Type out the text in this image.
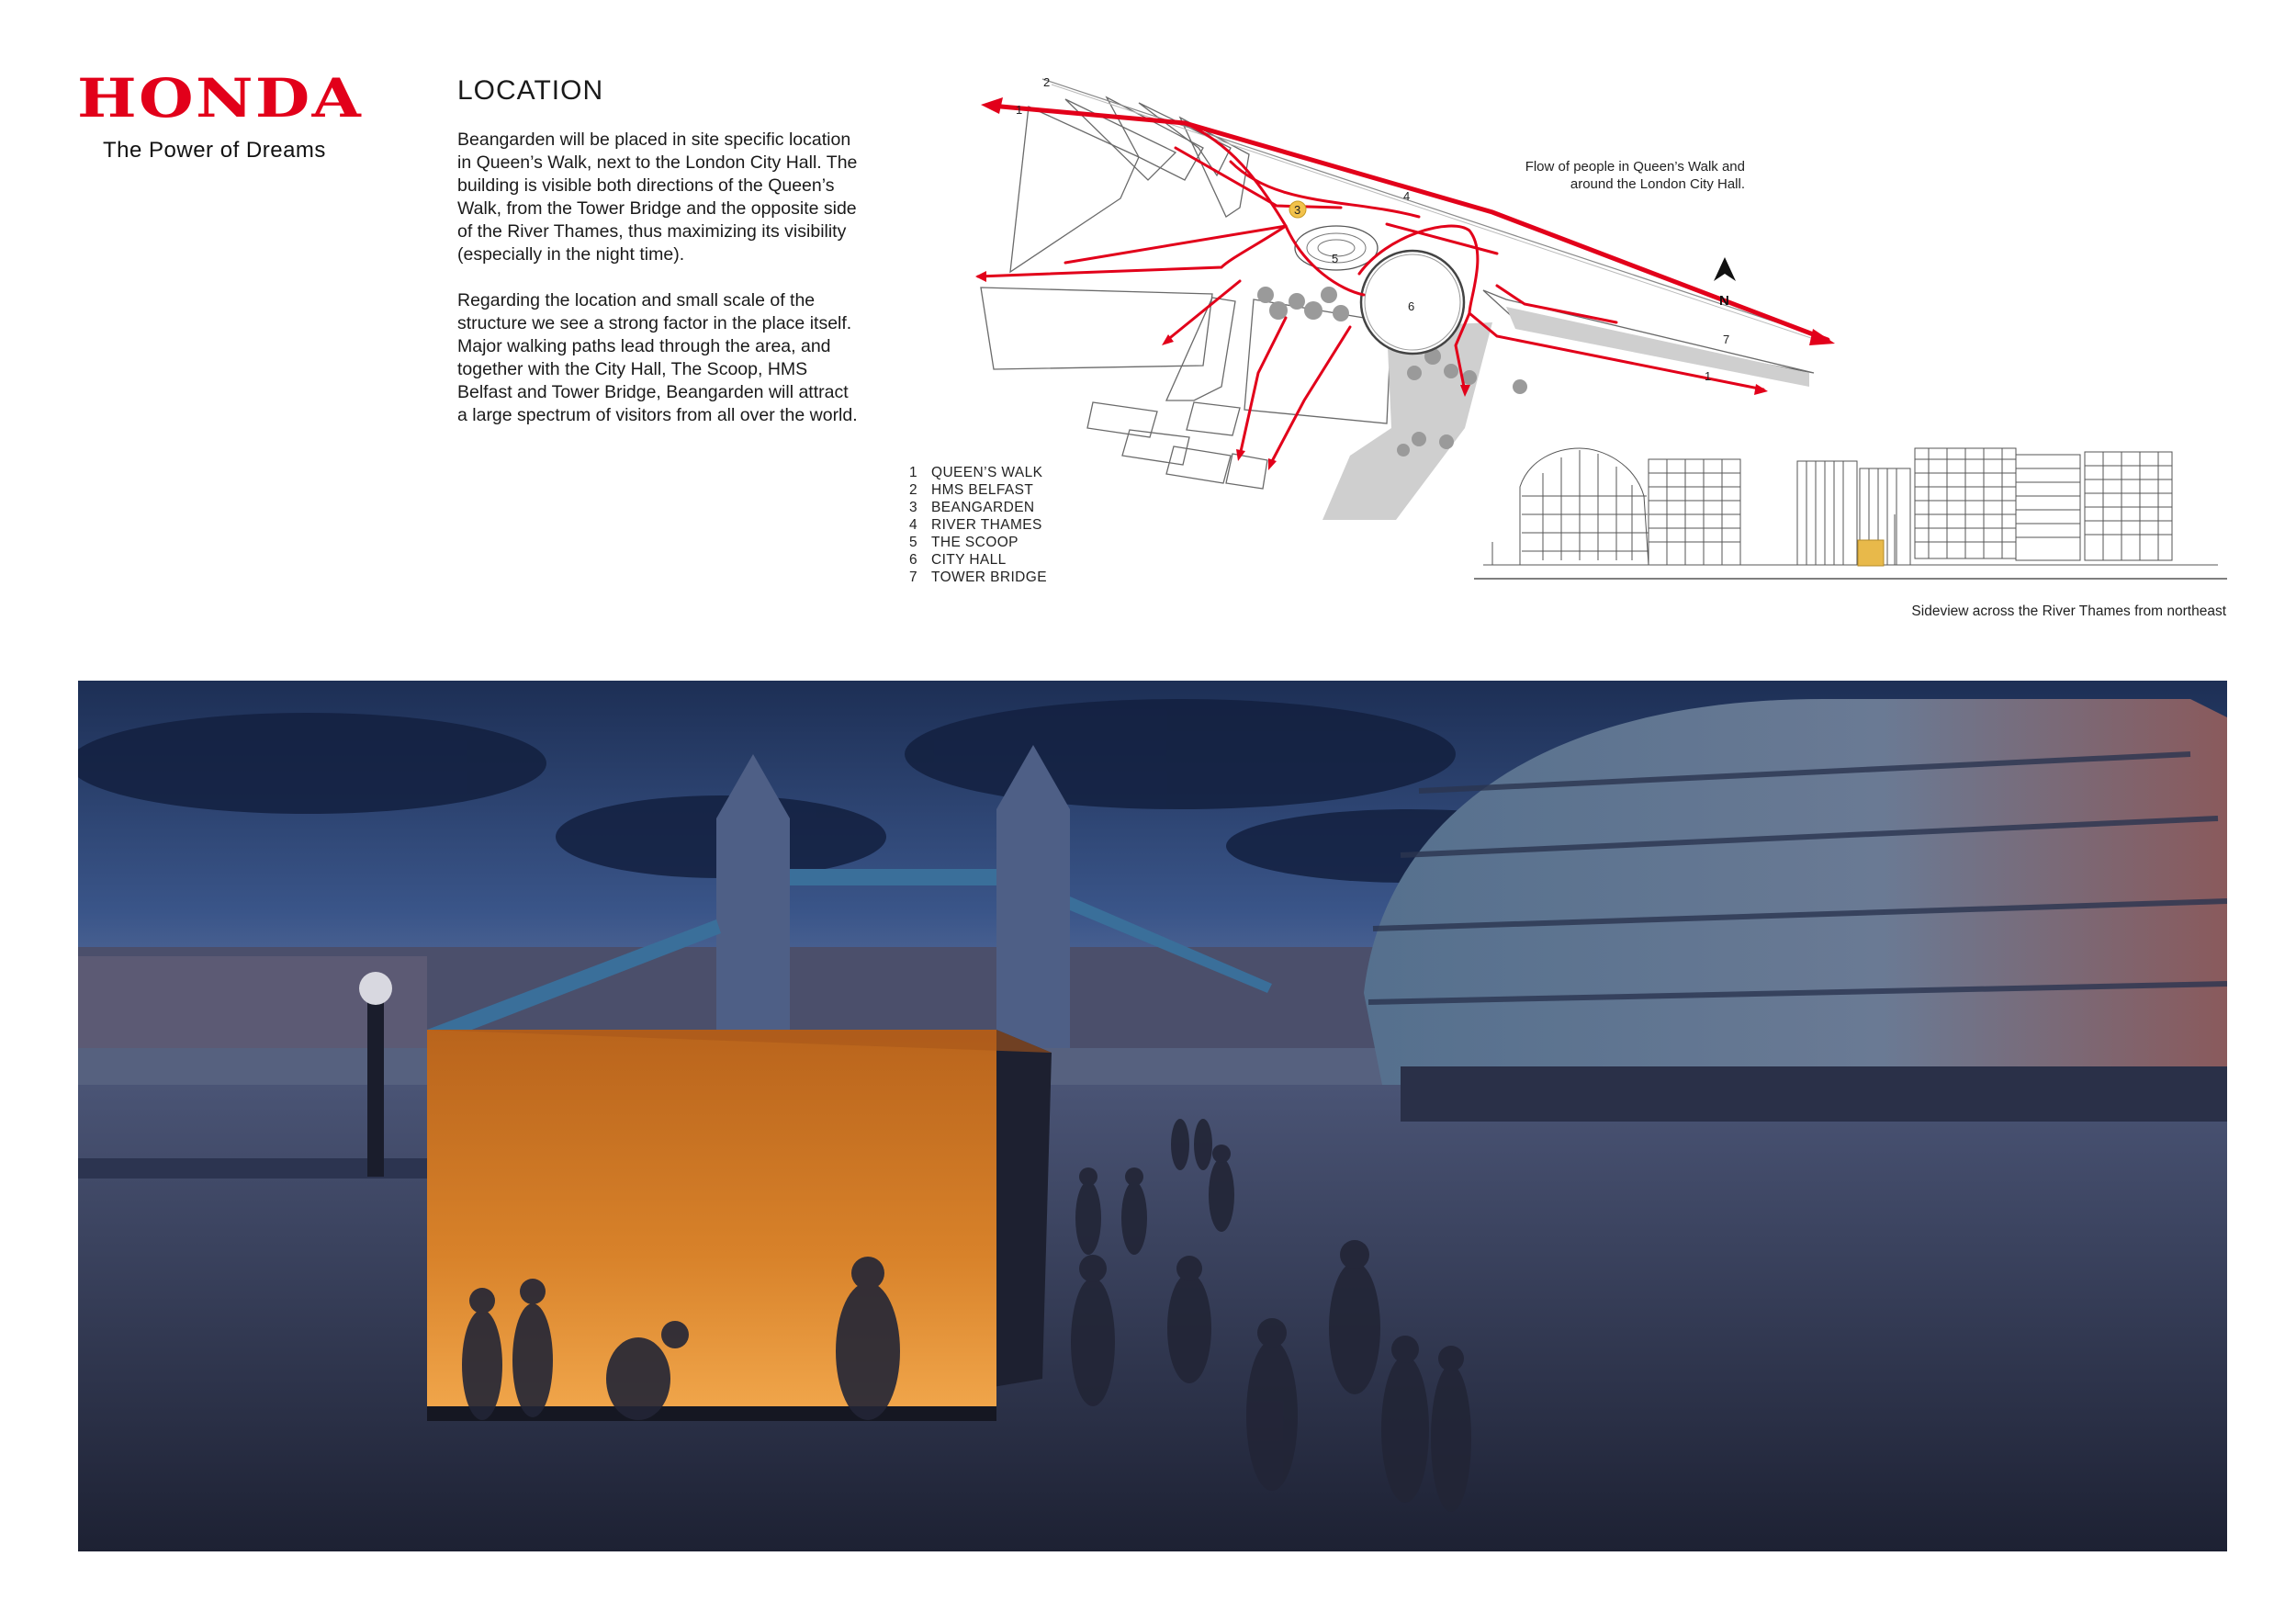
HONDA
The Power of Dreams
LOCATION

Beangarden will be placed in site specific location in Queen’s Walk, next to the London City Hall. The building is visible both directions of the Queen’s Walk, from the Tower Bridge and the opposite side of the River Thames, thus maximizing its visibility (especially in the night time).

Regarding the location and small scale of the structure we see a strong factor in the place itself. Major walking paths lead through the area, and together with the City Hall, The Scoop, HMS Belfast and Tower Bridge, Beangarden will attract a large spectrum of visitors from all over the world.

2
1
3
4
5
6
7
1
N
Flow of people in Queen’s Walk and around the London City Hall.
1 QUEEN’S WALK
2 HMS BELFAST
3 BEANGARDEN
4 RIVER THAMES
5 THE SCOOP
6 CITY HALL
7 TOWER BRIDGE
Sideview across the River Thames from northeast
